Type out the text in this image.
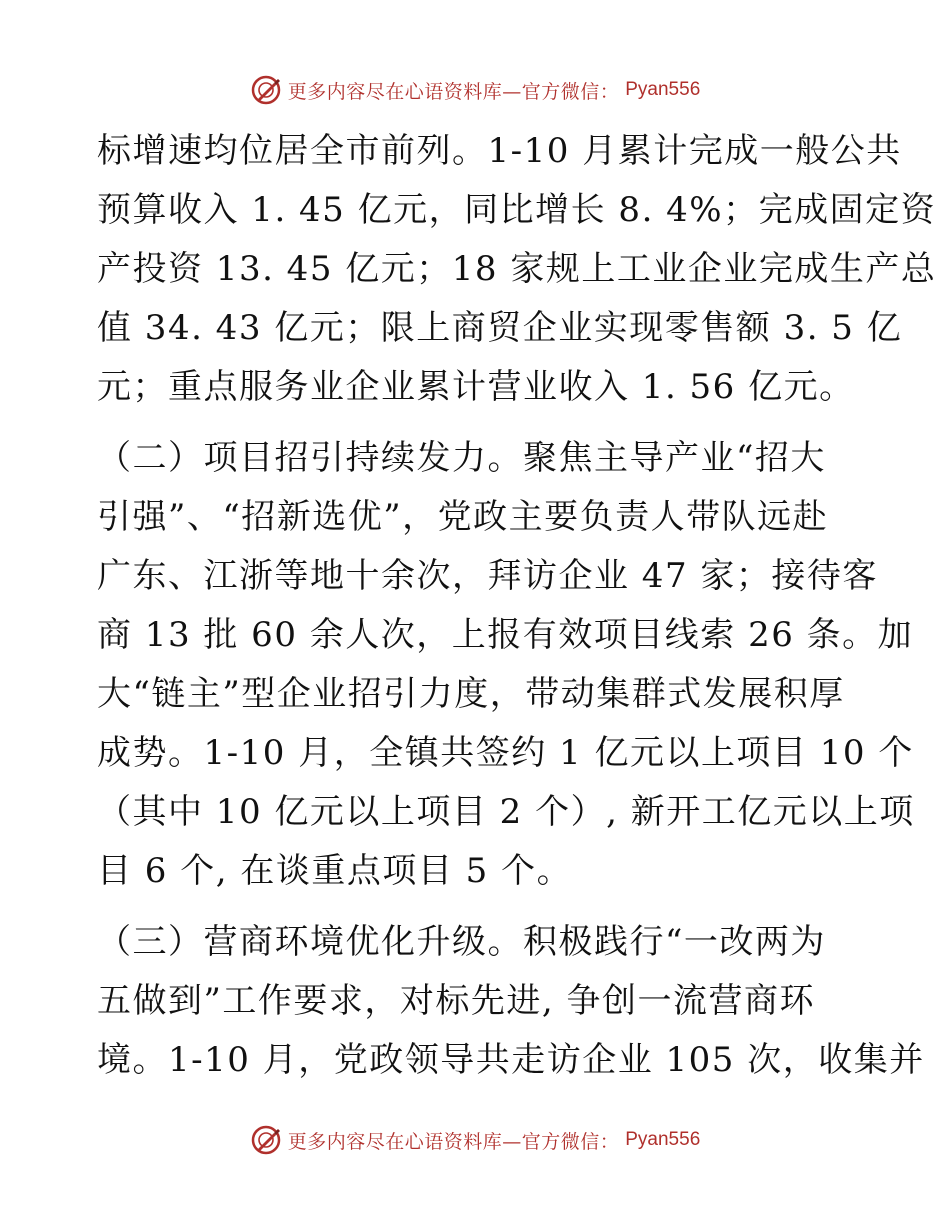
更多内容尽在心语资料库—官方微信： Pyan556
标增速均位居全市前列。1-10 月累计完成一般公共
预算收入 1. 45 亿元，同比增长 8. 4%；完成固定资
产投资 13. 45 亿元；18 家规上工业企业完成生产总
值 34. 43 亿元；限上商贸企业实现零售额 3. 5 亿
元；重点服务业企业累计营业收入 1. 56 亿元。
（二）项目招引持续发力。聚焦主导产业“招大
引强”、“招新选优”，党政主要负责人带队远赴
广东、江浙等地十余次，拜访企业 47 家；接待客
商 13 批 60 余人次，上报有效项目线索 26 条。加
大“链主”型企业招引力度，带动集群式发展积厚
成势。1-10 月，全镇共签约 1 亿元以上项目 10 个
（其中 10 亿元以上项目 2 个）, 新开工亿元以上项
目 6 个, 在谈重点项目 5 个。
（三）营商环境优化升级。积极践行“一改两为
五做到”工作要求，对标先进, 争创一流营商环
境。1-10 月，党政领导共走访企业 105 次，收集并
更多内容尽在心语资料库—官方微信： Pyan556
